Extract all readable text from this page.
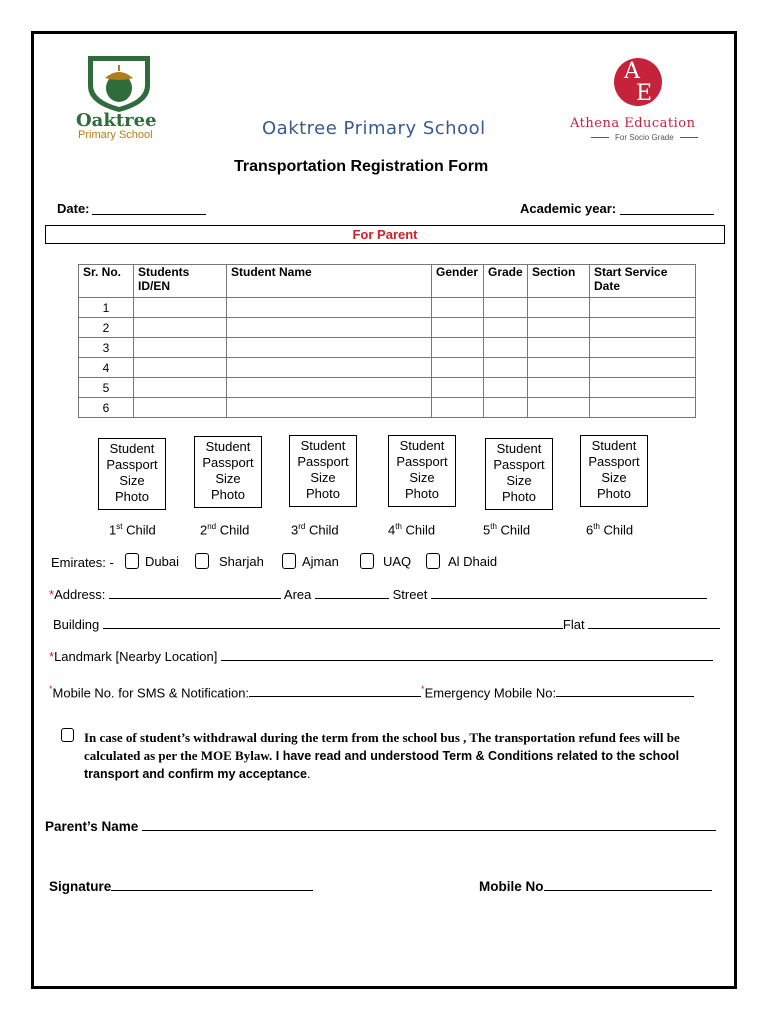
Oaktree
Primary School
A
E
Athena Education
For Socio Grade
Oaktree Primary School
Transportation Registration Form
Date:	Academic year:
For Parent
Sr. No.	Students ID/EN	Student Name	Gender	Grade	Section	Start Service Date
1						
2						
3						
4						
5						
6						
Student
Passport
Size
Photo
Student
Passport
Size
Photo
Student
Passport
Size
Photo
Student
Passport
Size
Photo
Student
Passport
Size
Photo
Student
Passport
Size
Photo
1st Child	2nd Child	3rd Child	4th Child	5th Child	6th Child
Emirates: - Dubai	Sharjah	Ajman	UAQ	Al Dhaid
*Address:	Area	Street
Building	Flat
*Landmark [Nearby Location]
*Mobile No. for SMS & Notification:	*Emergency Mobile No:
In case of student’s withdrawal during the term from the school bus , The transportation refund fees will be calculated as per the MOE Bylaw. I have read and understood Term & Conditions related to the school transport and confirm my acceptance.
Parent’s Name
Signature	Mobile No
